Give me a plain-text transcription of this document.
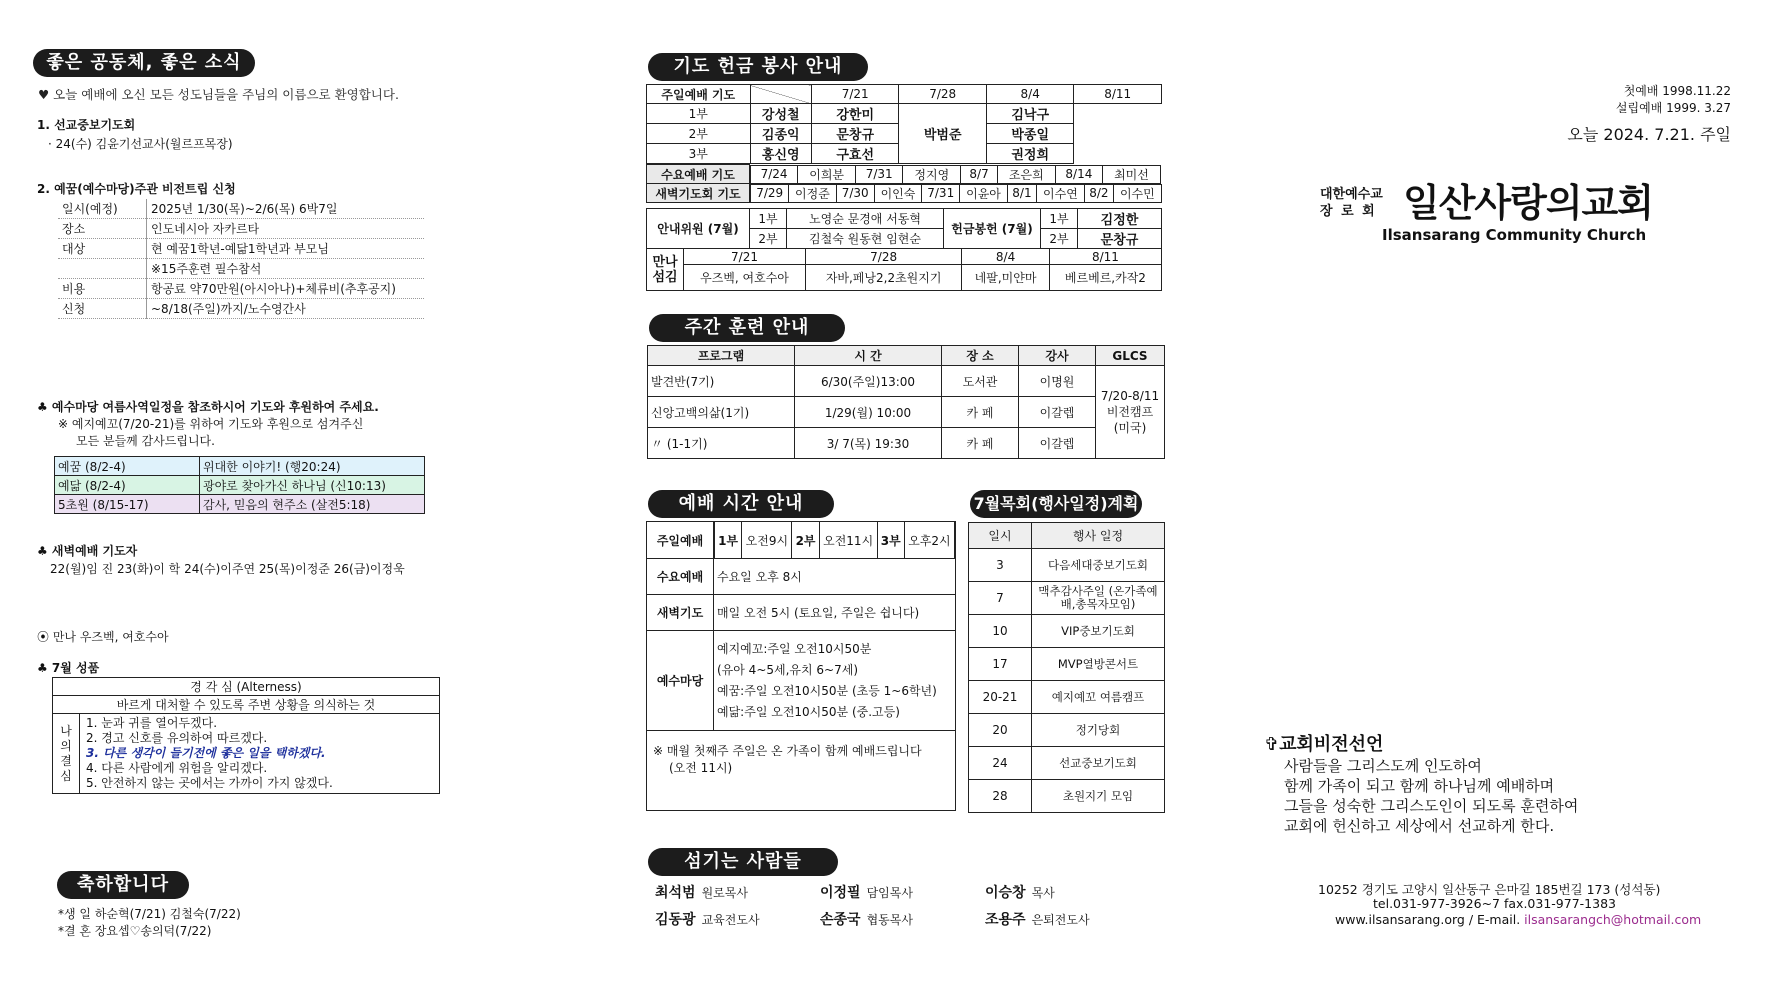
좋은 공동체, 좋은 소식
♥ 오늘 예배에 오신 모든 성도님들을 주님의 이름으로 환영합니다.
1. 선교중보기도회
· 24(수) 김윤기선교사(월르프목장)
2. 예꿈(예수마당)주관 비전트립 신청
일시(예정)	2025년 1/30(목)~2/6(목) 6박7일
장소	인도네시아 자카르타
대상	현 예꿈1학년-예닮1학년과 부모님
	※15주훈련 필수참석
비용	항공료 약70만원(아시아나)+체류비(추후공지)
신청	~8/18(주일)까지/노수영간사
♣ 예수마당 여름사역일정을 참조하시어 기도와 후원하여 주세요.
※ 예지예꼬(7/20-21)를 위하여 기도와 후원으로 섬겨주신
모든 분들께 감사드립니다.
예꿈 (8/2-4)	위대한 이야기! (행20:24)
예닮 (8/2-4)	광야로 찾아가신 하나님 (신10:13)
5초원 (8/15-17)	감사, 믿음의 현주소 (살전5:18)
♣ 새벽예배 기도자
22(월)임 진 23(화)이 학 24(수)이주연 25(목)이정준 26(금)이정욱
⦿ 만나 우즈벡, 여호수아
♣ 7월 성품
경 각 심 (Alterness)
바르게 대처할 수 있도록 주변 상황을 의식하는 것
나의결심	
1. 눈과 귀를 열어두겠다.
2. 경고 신호를 유의하여 따르겠다.
3. 다른 생각이 들기전에 좋은 일을 택하겠다.
4. 다른 사람에게 위험을 알리겠다.
5. 안전하지 않는 곳에서는 가까이 가지 않겠다.
축하합니다
*생 일 하순혁(7/21) 김철숙(7/22)
*결 혼 장요셉♡송의덕(7/22)
기도 헌금 봉사 안내
주일예배 기도		7/21	7/28	8/4	8/11
1부	강성철	강한미	박범준	김낙구	
2부	김종익	문창규		박종일	
3부	홍신영	구효선		권정희	
수요예배 기도	7/24	이희분	7/31	정지영	8/7	조은희	8/14	최미선

새벽기도회 기도	7/29	이정준	7/30	이인숙	7/31	이윤아	8/1	이수연	8/2	이수민
안내위원 (7월)	1부	노영순 문경애 서동혁	헌금봉헌 (7월)	1부	김정한
	2부	김철숙 원동현 임현순		2부	문창규
만나섬김	7/21	7/28	8/4	8/11
	우즈벡, 여호수아	자바,페낭2,2초원지기	네팔,미얀마	베르베르,카작2
주간 훈련 안내
프로그램	시 간	장 소	강사	GLCS
발견반(7기)	6/30(주일)13:00	도서관	이명원	7/20-8/11 비전캠프(미국)
신앙고백의삶(1기)	1/29(월) 10:00	카 페	이갈렙	
〃 (1-1기)	3/ 7(목) 19:30	카 페	이갈렙	
예배 시간 안내
주일예배	1부	오전9시	2부	오전11시	3부	오후2시

수요예배	수요일 오후 8시
새벽기도	매일 오전 5시 (토요일, 주일은 쉽니다)
예수마당	
예지예꼬:주일 오전10시50분
(유아 4~5세,유치 6~7세)
예꿈:주일 오전10시50분 (초등 1~6학년)
예닮:주일 오전10시50분 (중.고등)

※ 매월 첫째주 주일은 온 가족이 함께 예배드립니다
(오전 11시)
7월목회(행사일정)계획
일시	행사 일정
3	다음세대중보기도회
7	맥추감사주일 (온가족예배,총목자모임)
10	VIP중보기도회
17	MVP열방콘서트
20-21	예지예꼬 여름캠프
20	정기당회
24	선교중보기도회
28	초원지기 모임
섬기는 사람들
최석범 원로목사	이정필 담임목사	이승창 목사
김동광 교육전도사	손종국 협동목사	조용주 은퇴전도사
첫예배 1998.11.22
설립예배 1999. 3.27
오늘 2024. 7.21. 주일
대한예수교
장 로 회 일산사랑의교회
Ilsansarang Community Church
✞교회비전선언
사람들을 그리스도께 인도하여
함께 가족이 되고 함께 하나님께 예배하며
그들을 성숙한 그리스도인이 되도록 훈련하여
교회에 헌신하고 세상에서 선교하게 한다.
10252 경기도 고양시 일산동구 은마길 185번길 173 (성석동)
tel.031-977-3926~7 fax.031-977-1383
www.ilsansarang.org / E-mail. ilsansarangch@hotmail.com
